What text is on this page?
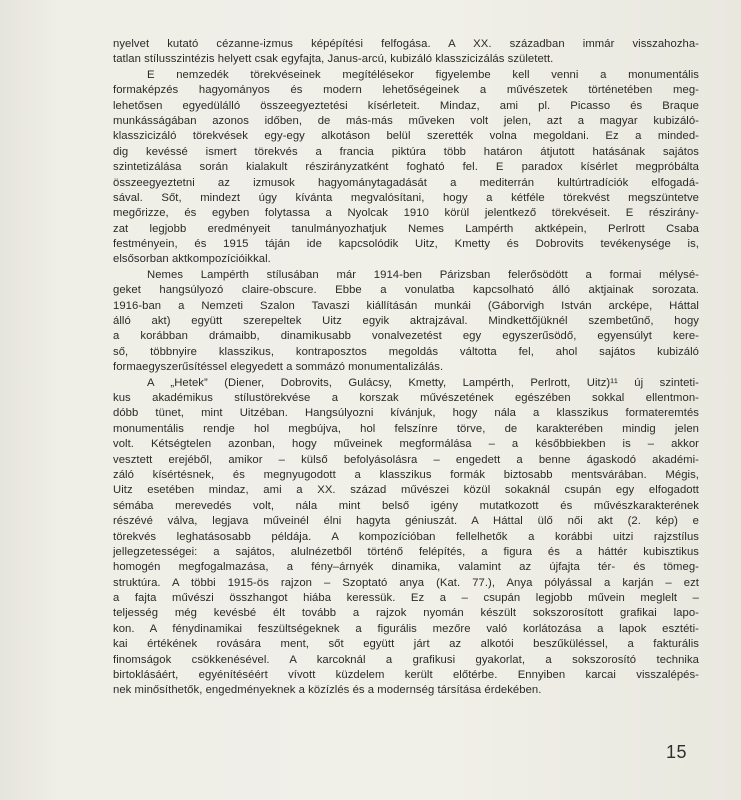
nyelvet kutató cézanne-izmus képépítési felfogása. A XX. században immár visszahozha-
tatlan stílusszintézis helyett csak egyfajta, Janus-arcú, kubizáló klasszicizálás született.
E nemzedék törekvéseinek megítélésekor figyelembe kell venni a monumentális
formaképzés hagyományos és modern lehetőségeinek a művészetek történetében meg-
lehetősen egyedülálló összeegyeztetési kísérleteit. Mindaz, ami pl. Picasso és Braque
munkásságában azonos időben, de más-más műveken volt jelen, azt a magyar kubizáló-
klasszicizáló törekvések egy-egy alkotáson belül szerették volna megoldani. Ez a minded-
dig kevéssé ismert törekvés a francia piktúra több határon átjutott hatásának sajátos
szintetizálása során kialakult részirányzatként fogható fel. E paradox kísérlet megpróbálta
összeegyeztetni az izmusok hagyománytagadását a mediterrán kultúrtradíciók elfogadá-
sával. Sőt, mindezt úgy kívánta megvalósítani, hogy a kétféle törekvést megszüntetve
megőrizze, és egyben folytassa a Nyolcak 1910 körül jelentkező törekvéseit. E részirány-
zat legjobb eredményeit tanulmányozhatjuk Nemes Lampérth aktképein, Perlrott Csaba
festményein, és 1915 táján ide kapcsolódik Uitz, Kmetty és Dobrovits tevékenysége is,
elsősorban aktkompozícióikkal.
Nemes Lampérth stílusában már 1914-ben Párizsban felerősödött a formai mélysé-
geket hangsúlyozó claire-obscure. Ebbe a vonulatba kapcsolható álló aktjainak sorozata.
1916-ban a Nemzeti Szalon Tavaszi kiállításán munkái (Gáborvigh István arcképe, Háttal
álló akt) együtt szerepeltek Uitz egyik aktrajzával. Mindkettőjüknél szembetűnő, hogy
a korábban drámaibb, dinamikusabb vonalvezetést egy egyszerűsödő, egyensúlyt kere-
ső, többnyire klasszikus, kontraposztos megoldás váltotta fel, ahol sajátos kubizáló
formaegyszerűsítéssel elegyedett a sommázó monumentalizálás.
A „Hetek” (Diener, Dobrovits, Gulácsy, Kmetty, Lampérth, Perlrott, Uitz)¹¹ új szinteti-
kus akadémikus stílustörekvése a korszak művészetének egészében sokkal ellentmon-
dóbb tünet, mint Uitzéban. Hangsúlyozni kívánjuk, hogy nála a klasszikus formateremtés
monumentális rendje hol megbújva, hol felszínre törve, de karakterében mindig jelen
volt. Kétségtelen azonban, hogy műveinek megformálása – a későbbiekben is – akkor
vesztett erejéből, amikor – külső befolyásolásra – engedett a benne ágaskodó akadémi-
záló kísértésnek, és megnyugodott a klasszikus formák biztosabb mentsvárában. Mégis,
Uitz esetében mindaz, ami a XX. század művészei közül sokaknál csupán egy elfogadott
sémába merevedés volt, nála mint belső igény mutatkozott és művészkarakterének
részévé válva, legjava műveinél élni hagyta géniuszát. A Háttal ülő női akt (2. kép) e
törekvés leghatásosabb példája. A kompozícióban fellelhetők a korábbi uitzi rajzstílus
jellegzetességei: a sajátos, alulnézetből történő felépítés, a figura és a háttér kubisztikus
homogén megfogalmazása, a fény–árnyék dinamika, valamint az újfajta tér- és tömeg-
struktúra. A többi 1915-ös rajzon – Szoptató anya (Kat. 77.), Anya pólyással a karján – ezt
a fajta művészi összhangot hiába keressük. Ez a – csupán legjobb művein meglelt –
teljesség még kevésbé élt tovább a rajzok nyomán készült sokszorosított grafikai lapo-
kon. A fénydinamikai feszültségeknek a figurális mezőre való korlátozása a lapok esztéti-
kai értékének rovására ment, sőt együtt járt az alkotói beszűküléssel, a fakturális
finomságok csökkenésével. A karcoknál a grafikusi gyakorlat, a sokszorosító technika
birtoklásáért, egyénítéséért vívott küzdelem került előtérbe. Ennyiben karcai visszalépés-
nek minősíthetők, engedményeknek a közízlés és a modernség társítása érdekében.
15
